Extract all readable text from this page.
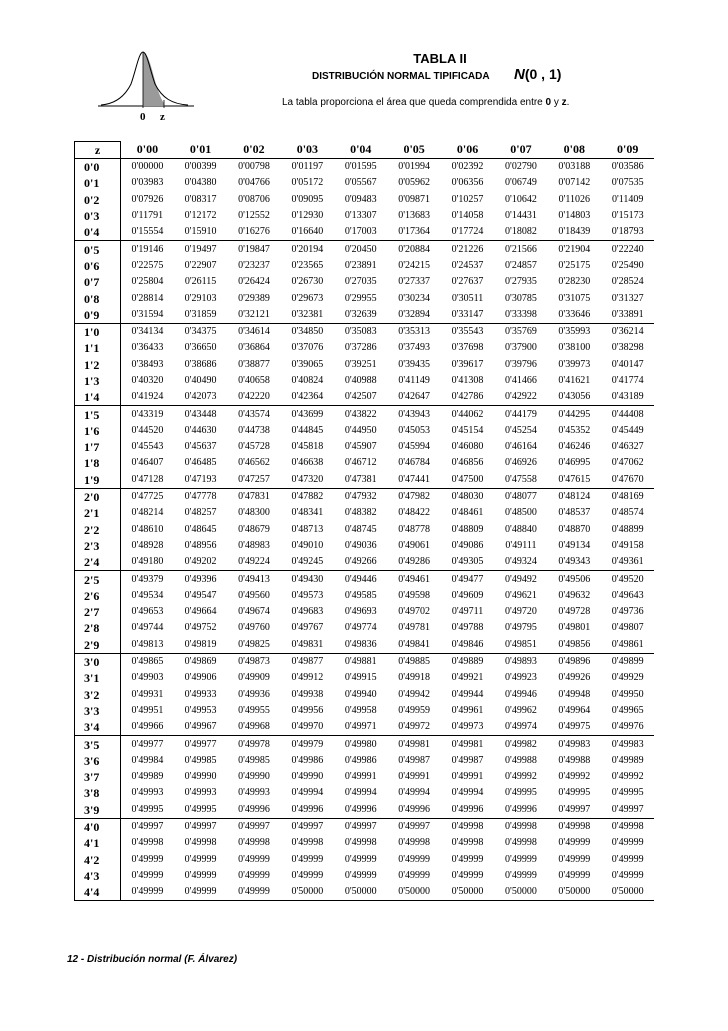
0 z
TABLA II
DISTRIBUCIÓN NORMAL TIPIFICADA N(0 , 1)
La tabla proporciona el área que queda comprendida entre 0 y z.
z	0'00	0'01	0'02	0'03	0'04	0'05	0'06	0'07	0'08	0'09
0'0	0'00000	0'00399	0'00798	0'01197	0'01595	0'01994	0'02392	0'02790	0'03188	0'03586
0'1	0'03983	0'04380	0'04766	0'05172	0'05567	0'05962	0'06356	0'06749	0'07142	0'07535
0'2	0'07926	0'08317	0'08706	0'09095	0'09483	0'09871	0'10257	0'10642	0'11026	0'11409
0'3	0'11791	0'12172	0'12552	0'12930	0'13307	0'13683	0'14058	0'14431	0'14803	0'15173
0'4	0'15554	0'15910	0'16276	0'16640	0'17003	0'17364	0'17724	0'18082	0'18439	0'18793
0'5	0'19146	0'19497	0'19847	0'20194	0'20450	0'20884	0'21226	0'21566	0'21904	0'22240
0'6	0'22575	0'22907	0'23237	0'23565	0'23891	0'24215	0'24537	0'24857	0'25175	0'25490
0'7	0'25804	0'26115	0'26424	0'26730	0'27035	0'27337	0'27637	0'27935	0'28230	0'28524
0'8	0'28814	0'29103	0'29389	0'29673	0'29955	0'30234	0'30511	0'30785	0'31075	0'31327
0'9	0'31594	0'31859	0'32121	0'32381	0'32639	0'32894	0'33147	0'33398	0'33646	0'33891
1'0	0'34134	0'34375	0'34614	0'34850	0'35083	0'35313	0'35543	0'35769	0'35993	0'36214
1'1	0'36433	0'36650	0'36864	0'37076	0'37286	0'37493	0'37698	0'37900	0'38100	0'38298
1'2	0'38493	0'38686	0'38877	0'39065	0'39251	0'39435	0'39617	0'39796	0'39973	0'40147
1'3	0'40320	0'40490	0'40658	0'40824	0'40988	0'41149	0'41308	0'41466	0'41621	0'41774
1'4	0'41924	0'42073	0'42220	0'42364	0'42507	0'42647	0'42786	0'42922	0'43056	0'43189
1'5	0'43319	0'43448	0'43574	0'43699	0'43822	0'43943	0'44062	0'44179	0'44295	0'44408
1'6	0'44520	0'44630	0'44738	0'44845	0'44950	0'45053	0'45154	0'45254	0'45352	0'45449
1'7	0'45543	0'45637	0'45728	0'45818	0'45907	0'45994	0'46080	0'46164	0'46246	0'46327
1'8	0'46407	0'46485	0'46562	0'46638	0'46712	0'46784	0'46856	0'46926	0'46995	0'47062
1'9	0'47128	0'47193	0'47257	0'47320	0'47381	0'47441	0'47500	0'47558	0'47615	0'47670
2'0	0'47725	0'47778	0'47831	0'47882	0'47932	0'47982	0'48030	0'48077	0'48124	0'48169
2'1	0'48214	0'48257	0'48300	0'48341	0'48382	0'48422	0'48461	0'48500	0'48537	0'48574
2'2	0'48610	0'48645	0'48679	0'48713	0'48745	0'48778	0'48809	0'48840	0'48870	0'48899
2'3	0'48928	0'48956	0'48983	0'49010	0'49036	0'49061	0'49086	0'49111	0'49134	0'49158
2'4	0'49180	0'49202	0'49224	0'49245	0'49266	0'49286	0'49305	0'49324	0'49343	0'49361
2'5	0'49379	0'49396	0'49413	0'49430	0'49446	0'49461	0'49477	0'49492	0'49506	0'49520
2'6	0'49534	0'49547	0'49560	0'49573	0'49585	0'49598	0'49609	0'49621	0'49632	0'49643
2'7	0'49653	0'49664	0'49674	0'49683	0'49693	0'49702	0'49711	0'49720	0'49728	0'49736
2'8	0'49744	0'49752	0'49760	0'49767	0'49774	0'49781	0'49788	0'49795	0'49801	0'49807
2'9	0'49813	0'49819	0'49825	0'49831	0'49836	0'49841	0'49846	0'49851	0'49856	0'49861
3'0	0'49865	0'49869	0'49873	0'49877	0'49881	0'49885	0'49889	0'49893	0'49896	0'49899
3'1	0'49903	0'49906	0'49909	0'49912	0'49915	0'49918	0'49921	0'49923	0'49926	0'49929
3'2	0'49931	0'49933	0'49936	0'49938	0'49940	0'49942	0'49944	0'49946	0'49948	0'49950
3'3	0'49951	0'49953	0'49955	0'49956	0'49958	0'49959	0'49961	0'49962	0'49964	0'49965
3'4	0'49966	0'49967	0'49968	0'49970	0'49971	0'49972	0'49973	0'49974	0'49975	0'49976
3'5	0'49977	0'49977	0'49978	0'49979	0'49980	0'49981	0'49981	0'49982	0'49983	0'49983
3'6	0'49984	0'49985	0'49985	0'49986	0'49986	0'49987	0'49987	0'49988	0'49988	0'49989
3'7	0'49989	0'49990	0'49990	0'49990	0'49991	0'49991	0'49991	0'49992	0'49992	0'49992
3'8	0'49993	0'49993	0'49993	0'49994	0'49994	0'49994	0'49994	0'49995	0'49995	0'49995
3'9	0'49995	0'49995	0'49996	0'49996	0'49996	0'49996	0'49996	0'49996	0'49997	0'49997
4'0	0'49997	0'49997	0'49997	0'49997	0'49997	0'49997	0'49998	0'49998	0'49998	0'49998
4'1	0'49998	0'49998	0'49998	0'49998	0'49998	0'49998	0'49998	0'49998	0'49999	0'49999
4'2	0'49999	0'49999	0'49999	0'49999	0'49999	0'49999	0'49999	0'49999	0'49999	0'49999
4'3	0'49999	0'49999	0'49999	0'49999	0'49999	0'49999	0'49999	0'49999	0'49999	0'49999
4'4	0'49999	0'49999	0'49999	0'50000	0'50000	0'50000	0'50000	0'50000	0'50000	0'50000
12 - Distribución normal (F. Álvarez)
